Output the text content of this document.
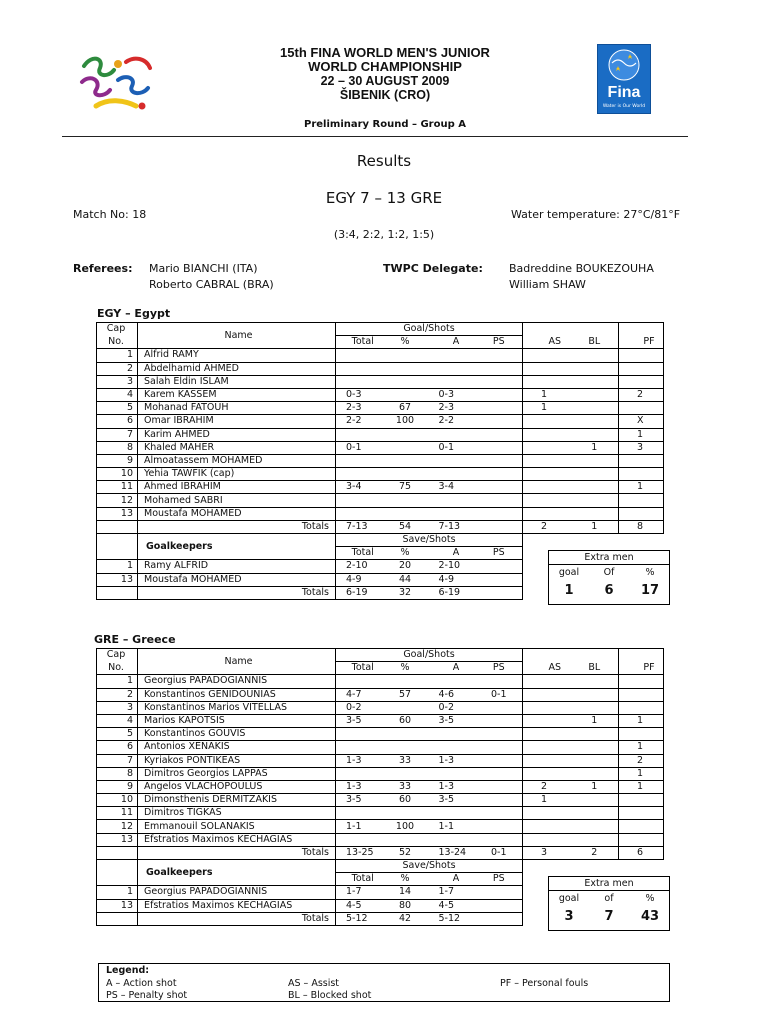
15th FINA WORLD MEN'S JUNIOR
WORLD CHAMPIONSHIP
22 – 30 AUGUST 2009
ŠIBENIK (CRO)	Fina
Water is Our World
Preliminary Round – Group A
Results
EGY 7 – 13 GRE
Match No: 18	Water temperature: 27°C/81°F
(3:4, 2:2, 1:2, 1:5)
Referees: Mario BIANCHI (ITA)
Roberto CABRAL (BRA)
TWPC Delegate: Badreddine BOUKEZOUHA
William SHAW
EGY – Egypt
Cap	Name	Goal/Shots						
No.		Total	%	A	PS	AS	BL	PF
1	Alfrid RAMY							
2	Abdelhamid AHMED							
3	Salah Eldin ISLAM							
4	Karem KASSEM	0-3		0-3		1		2
5	Mohanad FATOUH	2-3	67	2-3		1		
6	Omar IBRAHIM	2-2	100	2-2				X
7	Karim AHMED							1
8	Khaled MAHER	0-1		0-1			1	3
9	Almoatassem MOHAMED							
10	Yehia TAWFIK (cap)							
11	Ahmed IBRAHIM	3-4	75	3-4				1
12	Mohamed SABRI							
13	Moustafa MOHAMED							
	Totals	7-13	54	7-13		2	1	8
	Goalkeepers	Save/Shots						
		Total	%	A	PS			
1	Ramy ALFRID	2-10	20	2-10				
13	Moustafa MOHAMED	4-9	44	4-9				
	Totals	6-19	32	6-19				
Extra men
goal	Of	%
1	6	17
GRE – Greece
Cap	Name	Goal/Shots						
No.		Total	%	A	PS	AS	BL	PF
1	Georgius PAPADOGIANNIS							
2	Konstantinos GENIDOUNIAS	4-7	57	4-6	0-1			
3	Konstantinos Marios VITELLAS	0-2		0-2				
4	Marios KAPOTSIS	3-5	60	3-5			1	1
5	Konstantinos GOUVIS							
6	Antonios XENAKIS							1
7	Kyriakos PONTIKEAS	1-3	33	1-3				2
8	Dimitros Georgios LAPPAS							1
9	Angelos VLACHOPOULUS	1-3	33	1-3		2	1	1
10	Dimonsthenis DERMITZAKIS	3-5	60	3-5		1		
11	Dimitros TIGKAS							
12	Emmanouil SOLANAKIS	1-1	100	1-1				
13	Efstratios Maximos KECHAGIAS							
	Totals	13-25	52	13-24	0-1	3	2	6
	Goalkeepers	Save/Shots						
		Total	%	A	PS			
1	Georgius PAPADOGIANNIS	1-7	14	1-7				
13	Efstratios Maximos KECHAGIAS	4-5	80	4-5				
	Totals	5-12	42	5-12				
Extra men
goal	of	%
3	7	43
Legend:
A – Action shot
PS – Penalty shot
AS – Assist
BL – Blocked shot
PF – Personal fouls
